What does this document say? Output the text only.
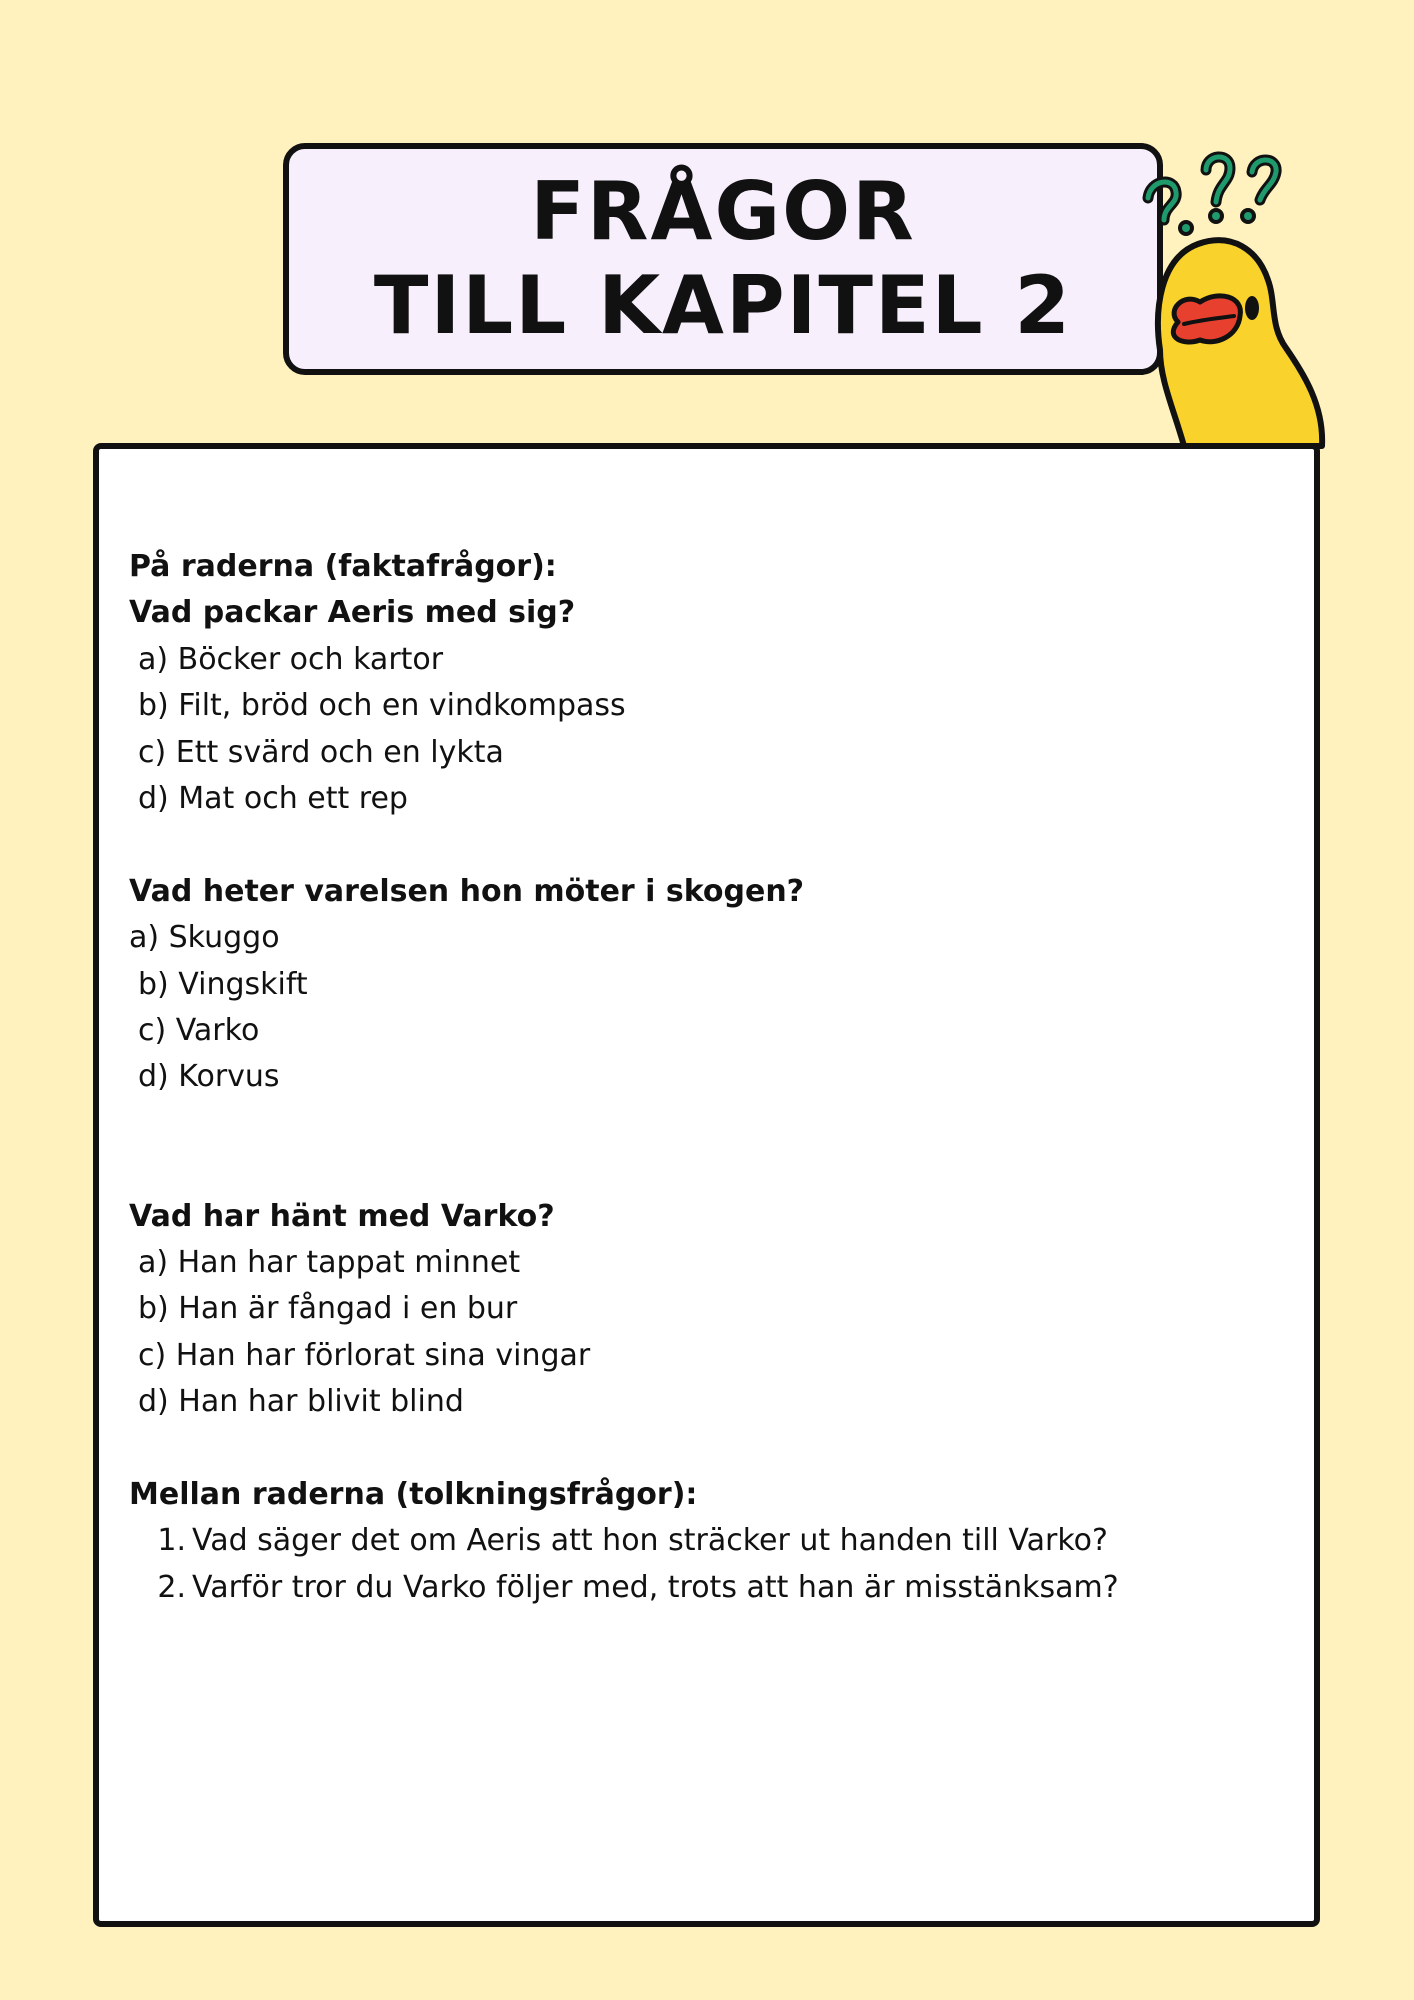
FRÅGOR
TILL KAPITEL 2

På raderna (faktafrågor):

Vad packar Aeris med sig?

a) Böcker och kartor

b) Filt, bröd och en vindkompass

c) Ett svärd och en lykta

d) Mat och ett rep

Vad heter varelsen hon möter i skogen?

a) Skuggo

b) Vingskift

c) Varko

d) Korvus

Vad har hänt med Varko?

a) Han har tappat minnet

b) Han är fångad i en bur

c) Han har förlorat sina vingar

d) Han har blivit blind

Mellan raderna (tolkningsfrågor):

1. Vad säger det om Aeris att hon sträcker ut handen till Varko?
2. Varför tror du Varko följer med, trots att han är misstänksam?
